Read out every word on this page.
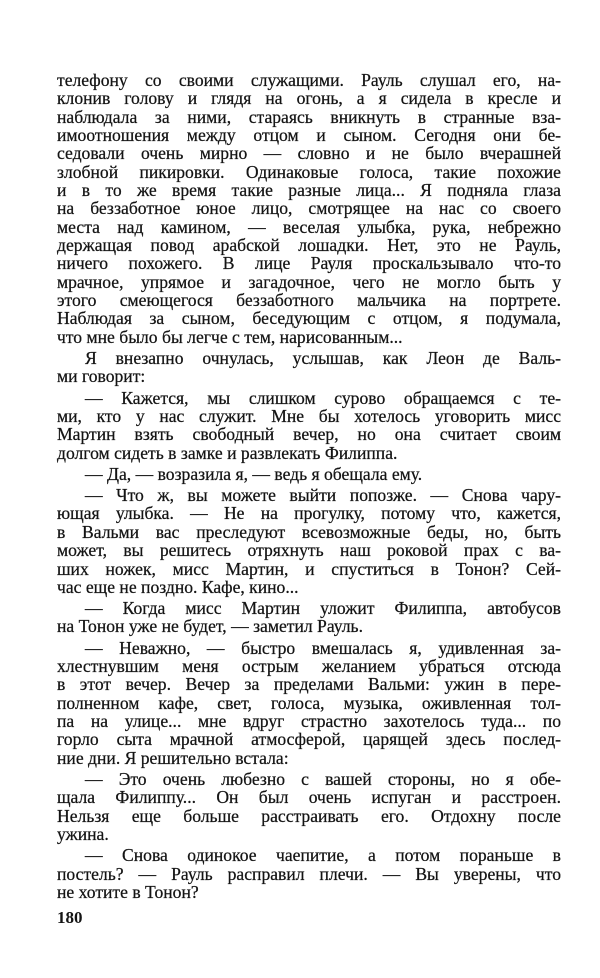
телефону со своими служащими. Рауль слушал его, на-
клонив голову и глядя на огонь, а я сидела в кресле и
наблюдала за ними, стараясь вникнуть в странные вза-
имоотношения между отцом и сыном. Сегодня они бе-
седовали очень мирно — словно и не было вчерашней
злобной пикировки. Одинаковые голоса, такие похожие
и в то же время такие разные лица... Я подняла глаза
на беззаботное юное лицо, смотрящее на нас со своего
места над камином, — веселая улыбка, рука, небрежно
держащая повод арабской лошадки. Нет, это не Рауль,
ничего похожего. В лице Рауля проскальзывало что-то
мрачное, упрямое и загадочное, чего не могло быть у
этого смеющегося беззаботного мальчика на портрете.
Наблюдая за сыном, беседующим с отцом, я подумала,
что мне было бы легче с тем, нарисованным...
Я внезапно очнулась, услышав, как Леон де Валь-
ми говорит:
— Кажется, мы слишком сурово обращаемся с те-
ми, кто у нас служит. Мне бы хотелось уговорить мисс
Мартин взять свободный вечер, но она считает своим
долгом сидеть в замке и развлекать Филиппа.
— Да, — возразила я, — ведь я обещала ему.
— Что ж, вы можете выйти попозже. — Снова чару-
ющая улыбка. — Не на прогулку, потому что, кажется,
в Вальми вас преследуют всевозможные беды, но, быть
может, вы решитесь отряхнуть наш роковой прах с ва-
ших ножек, мисс Мартин, и спуститься в Тонон? Сей-
час еще не поздно. Кафе, кино...
— Когда мисс Мартин уложит Филиппа, автобусов
на Тонон уже не будет, — заметил Рауль.
— Неважно, — быстро вмешалась я, удивленная за-
хлестнувшим меня острым желанием убраться отсюда
в этот вечер. Вечер за пределами Вальми: ужин в пере-
полненном кафе, свет, голоса, музыка, оживленная тол-
па на улице... мне вдруг страстно захотелось туда... по
горло сыта мрачной атмосферой, царящей здесь послед-
ние дни. Я решительно встала:
— Это очень любезно с вашей стороны, но я обе-
щала Филиппу... Он был очень испуган и расстроен.
Нельзя еще больше расстраивать его. Отдохну после
ужина.
— Снова одинокое чаепитие, а потом пораньше в
постель? — Рауль расправил плечи. — Вы уверены, что
не хотите в Тонон?
180
